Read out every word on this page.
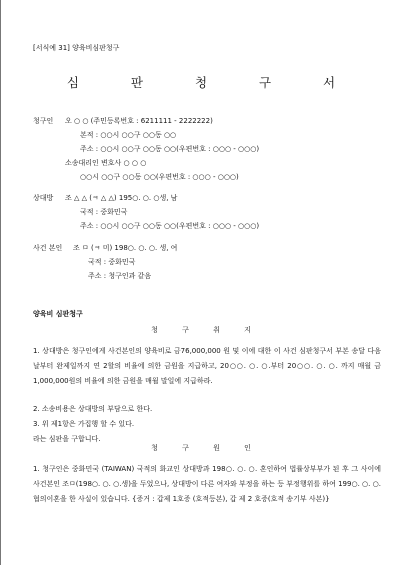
[서식예 31] 양육비심판청구
심 판 청 구 서
청구인 오 ○ ○ (주민등록번호 : 6211111 - 2222222)
본적 : ○○시 ○○구 ○○동 ○○
주소 : ○○시 ○○구 ○○동 ○○(우편번호 : ○○○ - ○○○)
소송대리인 변호사 ○ ○ ○
○○시 ○○구 ○○동 ○○(우편번호 : ○○○ - ○○○)
상대방 조 △ △ (ㅋ △ △) 195○. ○. ○생, 남
국적 : 중화민국
주소 : ○○시 ○○구 ○○동 ○○(우편번호 : ○○○ - ○○○)
사건 본인 조 ㅁ (ㅋ 미) 198○. ○. ○. 생, 여
국적 : 중화민국
주소 : 청구인과 같음
양육비 심판청구
청 구 취 지
1. 상대방은 청구인에게 사건본인의 양육비로 금76,000,000 원 및 이에 대한 이 사건 심판청구서 부본 송달 다음날부터 완제일까지 연 2할의 비율에 의한 금원을 지급하고, 20○○. ○. ○.부터 20○○. ○. ○. 까지 매월 금 1,000,000원의 비율에 의한 금원을 매월 말일에 지급하라.
2. 소송비용은 상대방의 부담으로 한다.
3. 위 제1항은 가집행 할 수 있다.
라는 심판을 구합니다.
청 구 원 인
1. 청구인은 중화민국 (TAIWAN) 국적의 화교인 상대방과 198○. ○. ○. 혼인하여 법률상부부가 된 후 그 사이에 사건본인 조ㅁ(198○. ○. ○.생)을 두었으나, 상대방이 다른 여자와 부정을 하는 등 부정행위를 하여 199○. ○. ○. 협의이혼을 한 사실이 있습니다. {증거 : 갑제 1호증 (호적등본), 갑 제 2 호증(호적 송기부 사본)}
